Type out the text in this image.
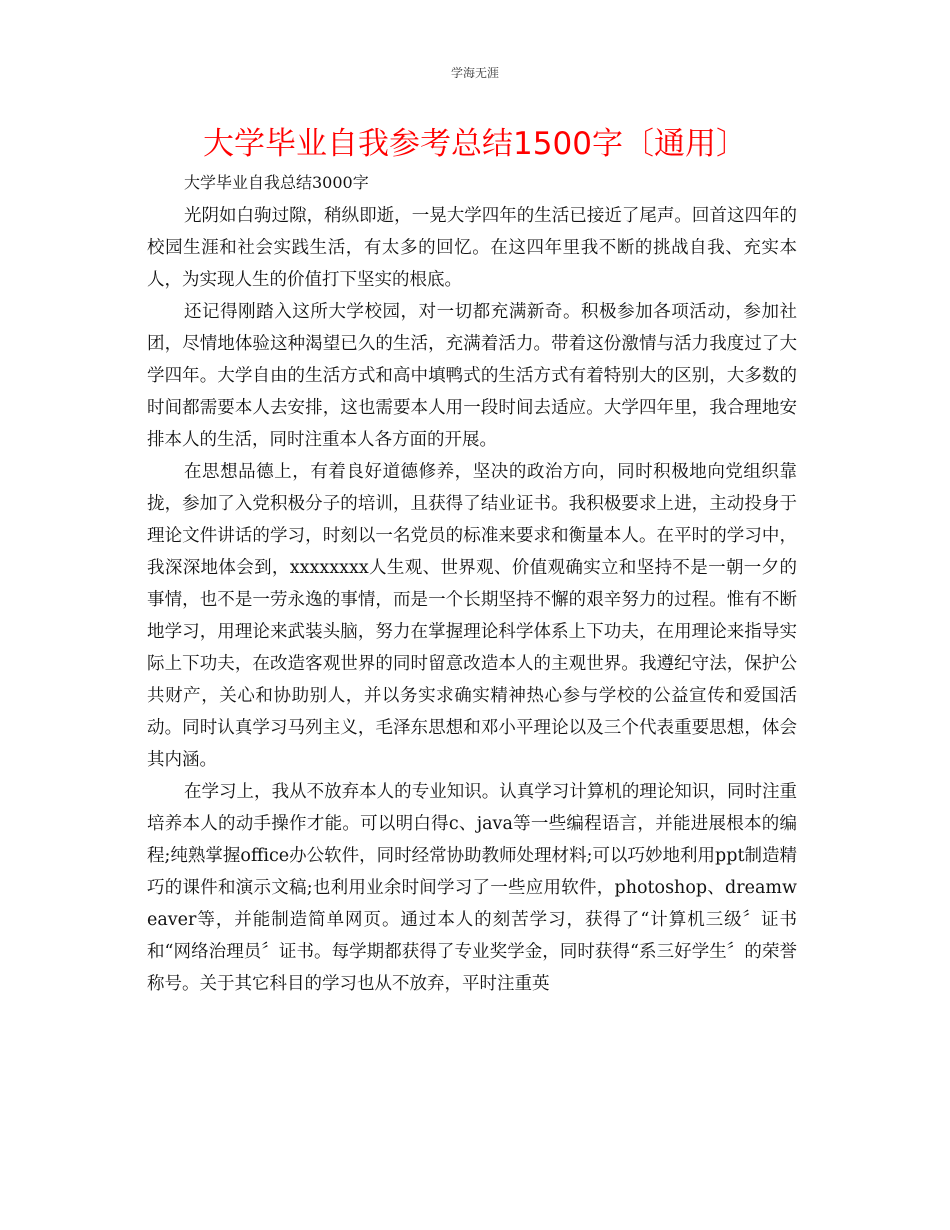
学海无涯
大学毕业自我参考总结1500字〔通用〕
大学毕业自我总结3000字

光阴如白驹过隙，稍纵即逝，一晃大学四年的生活已接近了尾声。回首这四年的校园生涯和社会实践生活，有太多的回忆。在这四年里我不断的挑战自我、充实本人，为实现人生的价值打下坚实的根底。

还记得刚踏入这所大学校园，对一切都充满新奇。积极参加各项活动，参加社团，尽情地体验这种渴望已久的生活，充满着活力。带着这份激情与活力我度过了大学四年。大学自由的生活方式和高中填鸭式的生活方式有着特别大的区别，大多数的时间都需要本人去安排，这也需要本人用一段时间去适应。大学四年里，我合理地安排本人的生活，同时注重本人各方面的开展。

在思想品德上，有着良好道德修养，坚决的政治方向，同时积极地向党组织靠拢，参加了入党积极分子的培训，且获得了结业证书。我积极要求上进，主动投身于理论文件讲话的学习，时刻以一名党员的标准来要求和衡量本人。在平时的学习中，我深深地体会到，xxxxxxxx人生观、世界观、价值观确实立和坚持不是一朝一夕的事情，也不是一劳永逸的事情，而是一个长期坚持不懈的艰辛努力的过程。惟有不断地学习，用理论来武装头脑，努力在掌握理论科学体系上下功夫，在用理论来指导实际上下功夫，在改造客观世界的同时留意改造本人的主观世界。我遵纪守法，保护公共财产，关心和协助别人，并以务实求确实精神热心参与学校的公益宣传和爱国活动。同时认真学习马列主义，毛泽东思想和邓小平理论以及三个代表重要思想，体会其内涵。

在学习上，我从不放弃本人的专业知识。认真学习计算机的理论知识，同时注重培养本人的动手操作才能。可以明白得c、java等一些编程语言，并能进展根本的编程;纯熟掌握office办公软件，同时经常协助教师处理材料;可以巧妙地利用ppt制造精巧的课件和演示文稿;也利用业余时间学习了一些应用软件，photoshop、dreamweaver等，并能制造简单网页。通过本人的刻苦学习，获得了“计算机三级〞证书和“网络治理员〞证书。每学期都获得了专业奖学金，同时获得“系三好学生〞的荣誉称号。关于其它科目的学习也从不放弃，平时注重英
